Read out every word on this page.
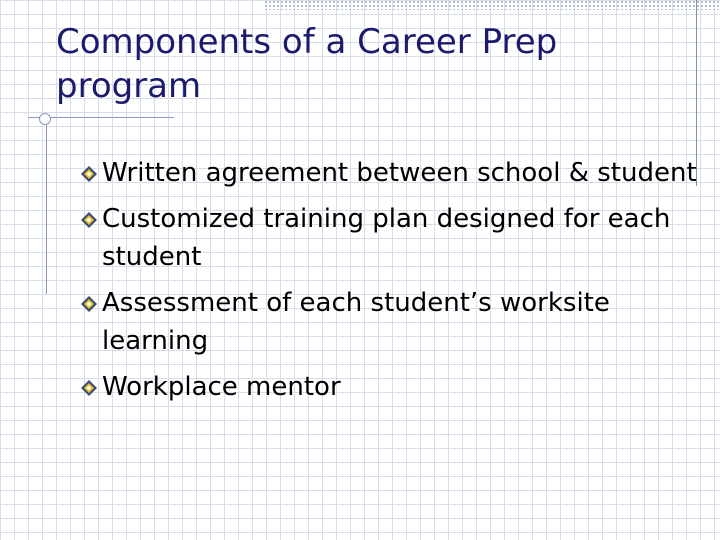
Components of a Career Prep program
Written agreement between school & student
Customized training plan designed for each student
Assessment of each student’s worksite learning
Workplace mentor
